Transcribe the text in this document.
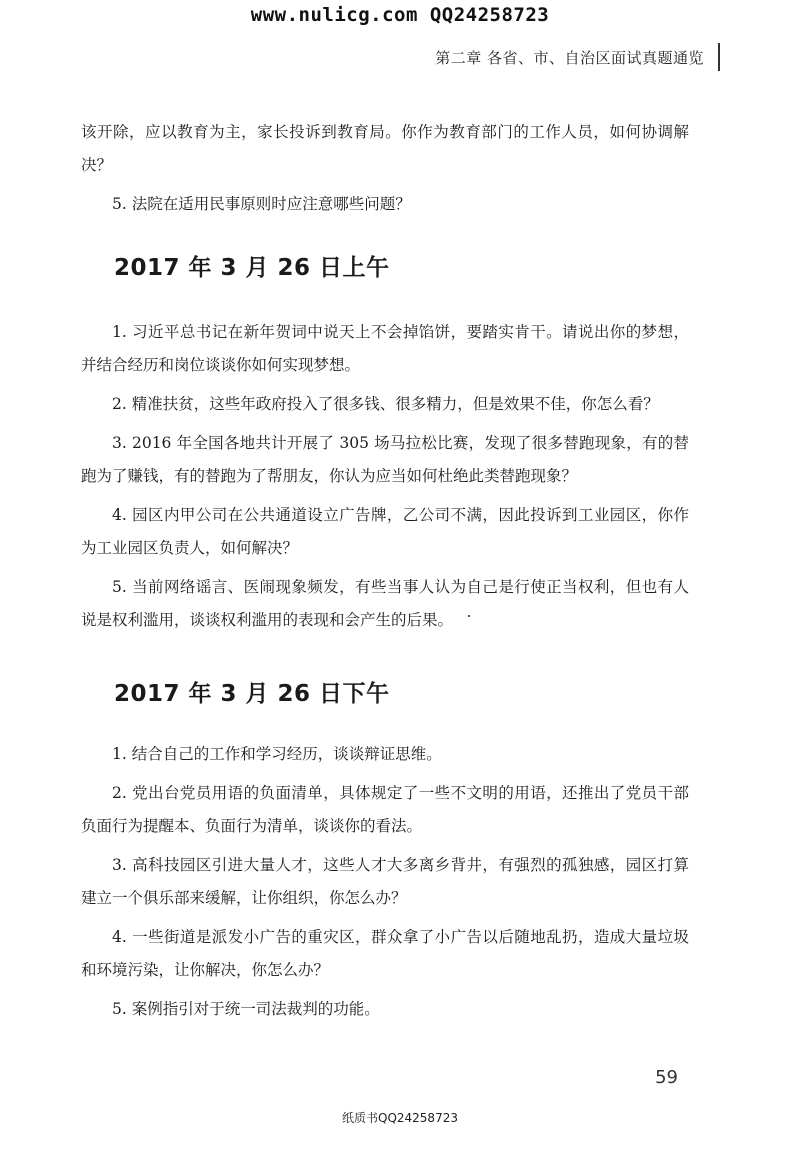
www.nulicg.com QQ24258723
第二章 各省、市、自治区面试真题通览

该开除，应以教育为主，家长投诉到教育局。你作为教育部门的工作人员，如何协调解决？

5. 法院在适用民事原则时应注意哪些问题？

2017 年 3 月 26 日上午

1. 习近平总书记在新年贺词中说天上不会掉馅饼，要踏实肯干。请说出你的梦想，并结合经历和岗位谈谈你如何实现梦想。

2. 精准扶贫，这些年政府投入了很多钱、很多精力，但是效果不佳，你怎么看？

3. 2016 年全国各地共计开展了 305 场马拉松比赛，发现了很多替跑现象，有的替跑为了赚钱，有的替跑为了帮朋友，你认为应当如何杜绝此类替跑现象？

4. 园区内甲公司在公共通道设立广告牌，乙公司不满，因此投诉到工业园区，你作为工业园区负责人，如何解决？

5. 当前网络谣言、医闹现象频发，有些当事人认为自己是行使正当权利，但也有人说是权利滥用，谈谈权利滥用的表现和会产生的后果。

2017 年 3 月 26 日下午

1. 结合自己的工作和学习经历，谈谈辩证思维。

2. 党出台党员用语的负面清单，具体规定了一些不文明的用语，还推出了党员干部负面行为提醒本、负面行为清单，谈谈你的看法。

3. 高科技园区引进大量人才，这些人才大多离乡背井，有强烈的孤独感，园区打算建立一个俱乐部来缓解，让你组织，你怎么办？

4. 一些街道是派发小广告的重灾区，群众拿了小广告以后随地乱扔，造成大量垃圾和环境污染，让你解决，你怎么办？

5. 案例指引对于统一司法裁判的功能。

59
纸质书QQ24258723
